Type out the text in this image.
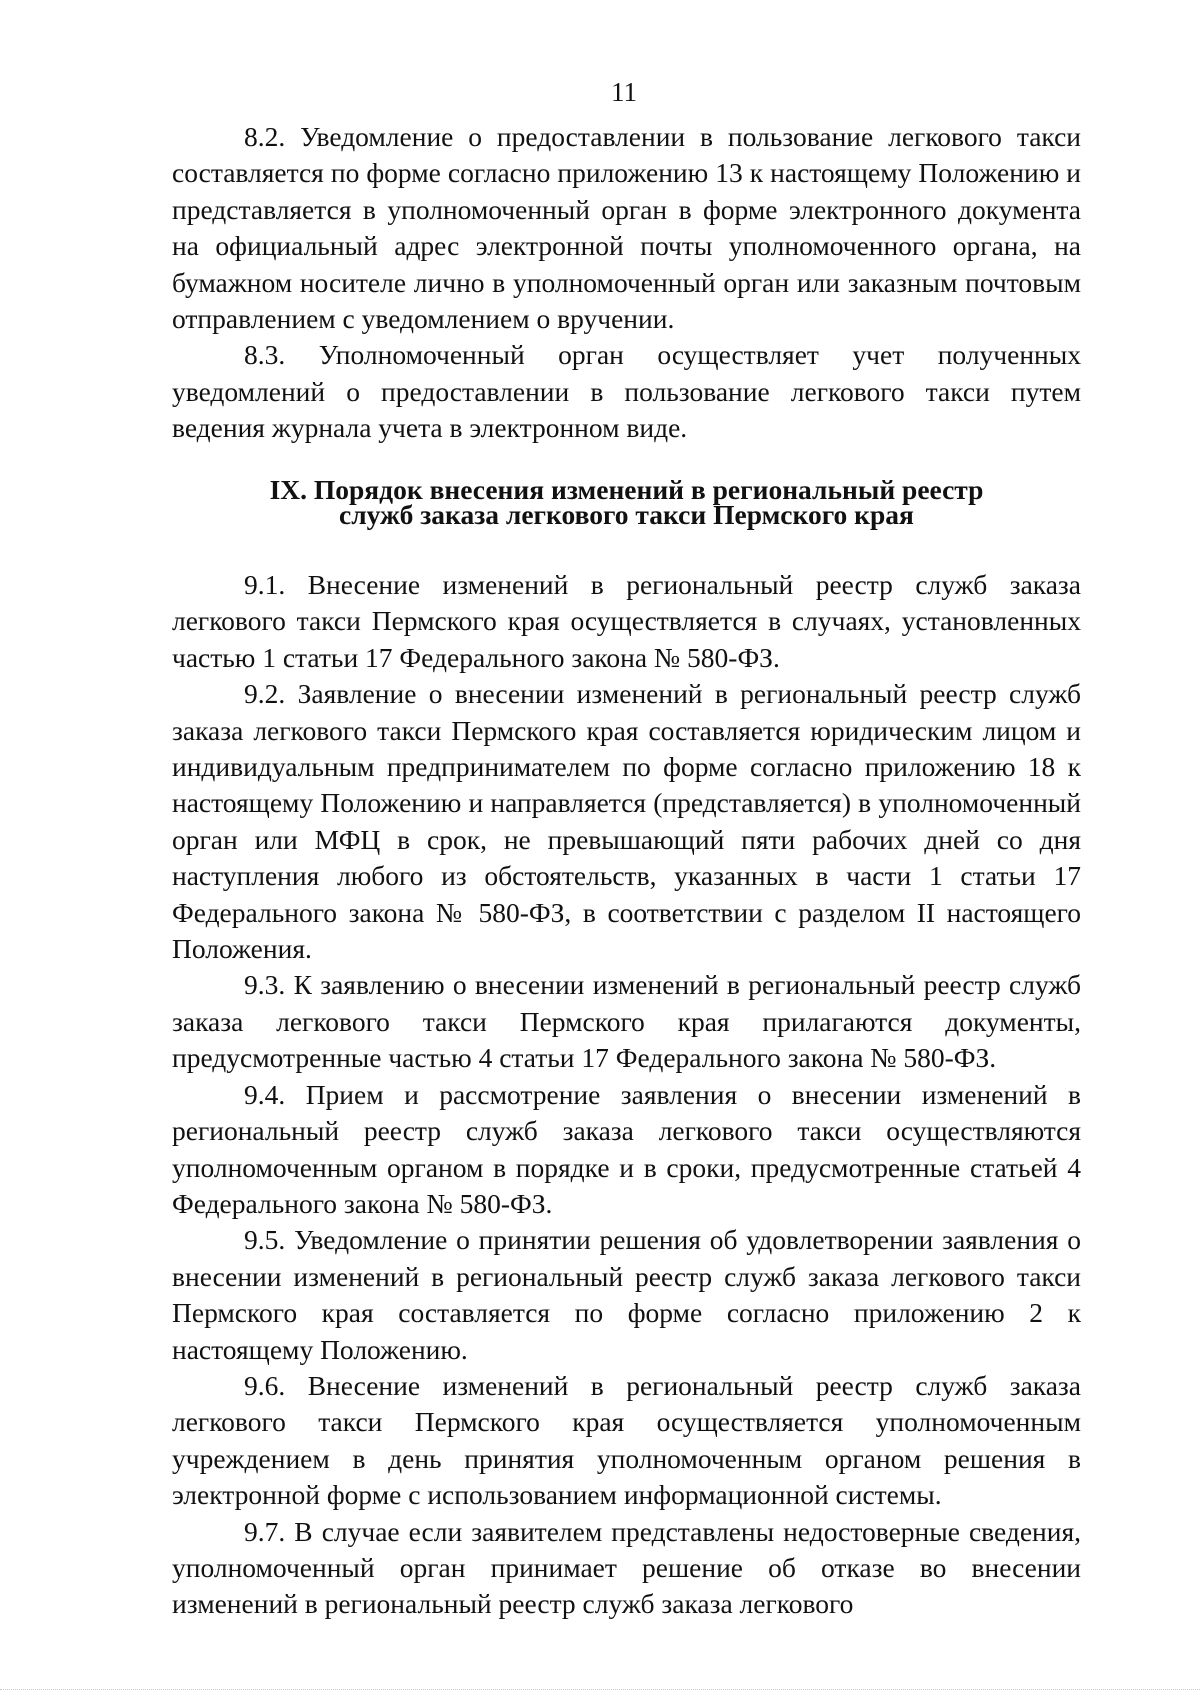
11

8.2. Уведомление о предоставлении в пользование легкового такси составляется по форме согласно приложению 13 к настоящему Положению и представляется в уполномоченный орган в форме электронного документа на официальный адрес электронной почты уполномоченного органа, на бумажном носителе лично в уполномоченный орган или заказным почтовым отправлением с уведомлением о вручении.

8.3. Уполномоченный орган осуществляет учет полученных уведомлений о предоставлении в пользование легкового такси путем ведения журнала учета в электронном виде.

IX. Порядок внесения изменений в региональный реестр
служб заказа легкового такси Пермского края

9.1. Внесение изменений в региональный реестр служб заказа легкового такси Пермского края осуществляется в случаях, установленных частью 1 статьи 17 Федерального закона № 580-ФЗ.

9.2. Заявление о внесении изменений в региональный реестр служб заказа легкового такси Пермского края составляется юридическим лицом и индивидуальным предпринимателем по форме согласно приложению 18 к настоящему Положению и направляется (представляется) в уполномоченный орган или МФЦ в срок, не превышающий пяти рабочих дней со дня наступления любого из обстоятельств, указанных в части 1 статьи 17 Федерального закона № 580-ФЗ, в соответствии с разделом II настоящего Положения.

9.3. К заявлению о внесении изменений в региональный реестр служб заказа легкового такси Пермского края прилагаются документы, предусмотренные частью 4 статьи 17 Федерального закона № 580-ФЗ.

9.4. Прием и рассмотрение заявления о внесении изменений в региональный реестр служб заказа легкового такси осуществляются уполномоченным органом в порядке и в сроки, предусмотренные статьей 4 Федерального закона № 580-ФЗ.

9.5. Уведомление о принятии решения об удовлетворении заявления о внесении изменений в региональный реестр служб заказа легкового такси Пермского края составляется по форме согласно приложению 2 к настоящему Положению.

9.6. Внесение изменений в региональный реестр служб заказа легкового такси Пермского края осуществляется уполномоченным учреждением в день принятия уполномоченным органом решения в электронной форме с использованием информационной системы.

9.7. В случае если заявителем представлены недостоверные сведения, уполномоченный орган принимает решение об отказе во внесении изменений в региональный реестр служб заказа легкового
